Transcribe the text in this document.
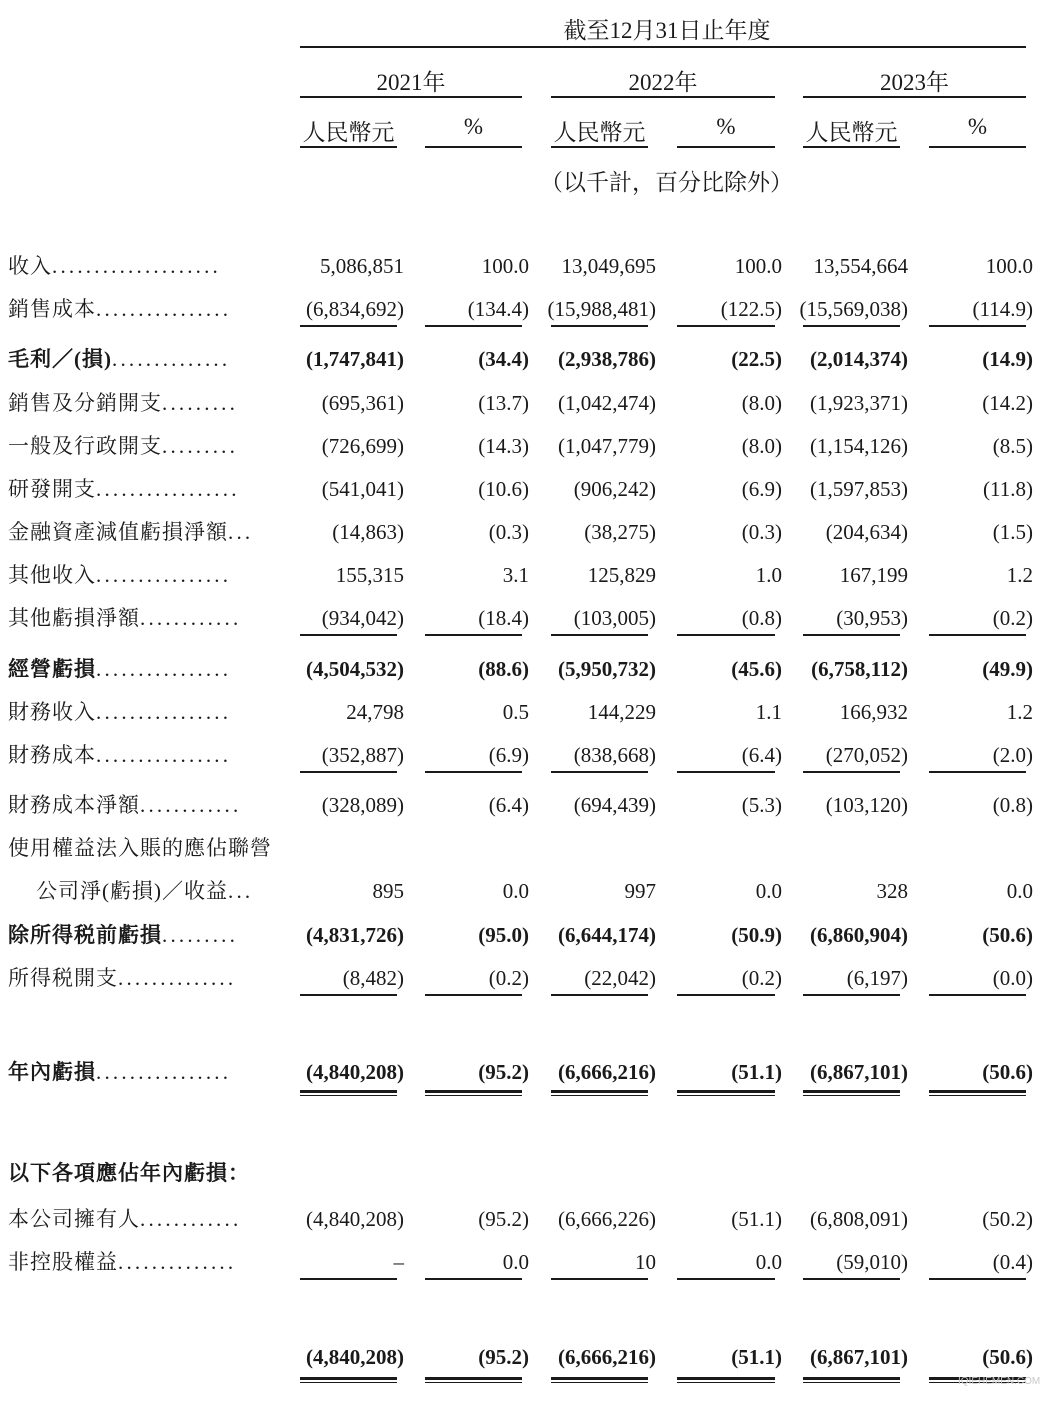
截至12月31日止年度
2021年	2022年	2023年
人民幣元	%	人民幣元	%	人民幣元	%
（以千計，百分比除外）
收入....................	5,086,851	100.0 13,049,695	100.0 13,554,664	100.0
銷售成本................	(6,834,692)	(134.4) (15,988,481)	(122.5) (15,569,038)	(114.9)
毛利／(損)..............	(1,747,841)	(34.4) (2,938,786)	(22.5) (2,014,374)	(14.9)
銷售及分銷開支.........	(695,361)	(13.7) (1,042,474)	(8.0) (1,923,371)	(14.2)
一般及行政開支.........	(726,699)	(14.3) (1,047,779)	(8.0) (1,154,126)	(8.5)
研發開支.................	(541,041)	(10.6) (906,242)	(6.9) (1,597,853)	(11.8)
金融資產減值虧損淨額...	(14,863)	(0.3)	(38,275)	(0.3) (204,634)	(1.5)
其他收入................	155,315	3.1	125,829	1.0	167,199	1.2
其他虧損淨額............	(934,042)	(18.4) (103,005)	(0.8)	(30,953)	(0.2)
經營虧損................	(4,504,532)	(88.6) (5,950,732)	(45.6) (6,758,112)	(49.9)
財務收入................	24,798	0.5	144,229	1.1	166,932	1.2
財務成本................	(352,887)	(6.9) (838,668)	(6.4) (270,052)	(2.0)
財務成本淨額............	(328,089)	(6.4) (694,439)	(5.3) (103,120)	(0.8)
使用權益法入賬的應佔聯營
公司淨(虧損)／收益...	895	0.0	997	0.0	328	0.0
除所得税前虧損.........	(4,831,726)	(95.0) (6,644,174)	(50.9) (6,860,904)	(50.6)
所得税開支..............	(8,482)	(0.2)	(22,042)	(0.2)	(6,197)	(0.0)
年內虧損................	(4,840,208)	(95.2) (6,666,216)	(51.1) (6,867,101)	(50.6)
以下各項應佔年內虧損：
本公司擁有人............	(4,840,208)	(95.2) (6,666,226)	(51.1) (6,808,091)	(50.2)
非控股權益..............	–	0.0	10	0.0	(59,010)	(0.4)
(4,840,208)	(95.2) (6,666,216)	(51.1) (6,867,101)	(50.6)
IQIEHEMEN.COM
